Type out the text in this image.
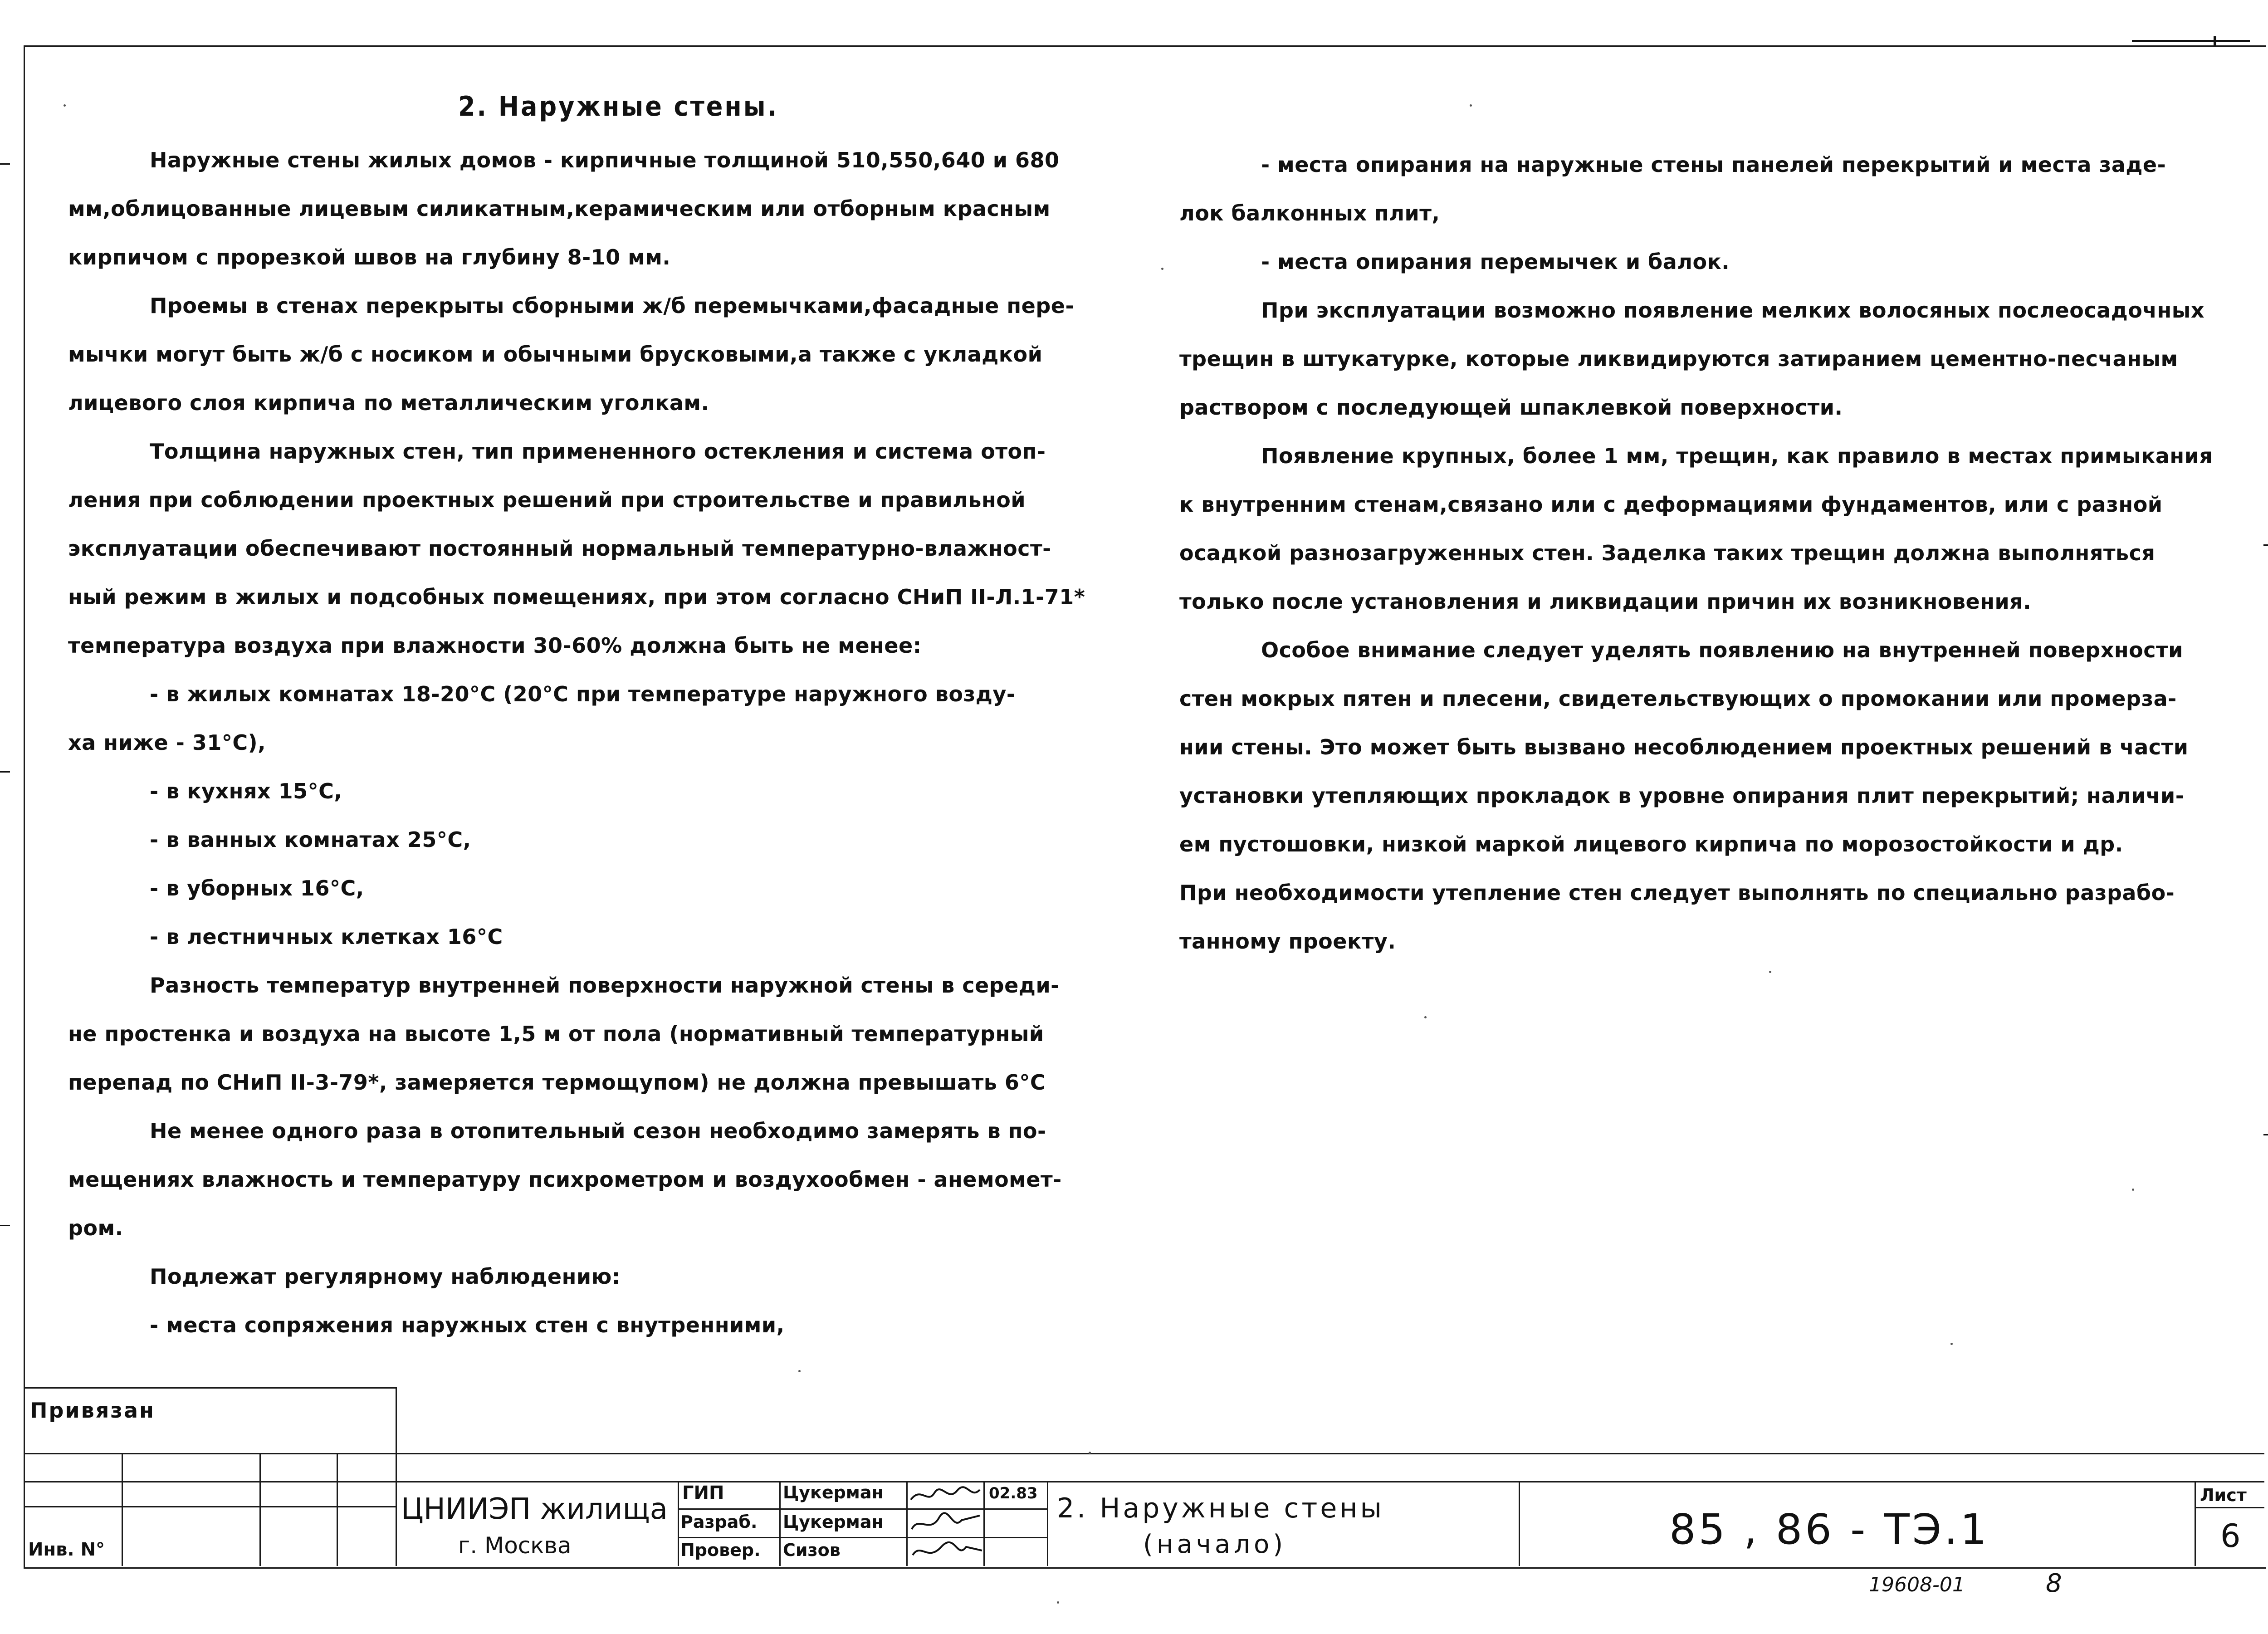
2. Наружные стены.

Наружные стены жилых домов - кирпичные толщиной 510,550,640 и 680

мм,облицованные лицевым силикатным,керамическим или отборным красным

кирпичом с прорезкой швов на глубину 8-10 мм.

Проемы в стенах перекрыты сборными ж/б перемычками,фасадные пере-

мычки могут быть ж/б с носиком и обычными брусковыми,а также с укладкой

лицевого слоя кирпича по металлическим уголкам.

Толщина наружных стен, тип примененного остекления и система отоп-

ления при соблюдении проектных решений при строительстве и правильной

эксплуатации обеспечивают постоянный нормальный температурно-влажност-

ный режим в жилых и подсобных помещениях, при этом согласно СНиП II-Л.1-71*

температура воздуха при влажности 30-60% должна быть не менее:

- в жилых комнатах 18-20°С (20°С при температуре наружного возду-

ха ниже - 31°С),

- в кухнях 15°С,

- в ванных комнатах 25°С,

- в уборных 16°С,

- в лестничных клетках 16°С

Разность температур внутренней поверхности наружной стены в середи-

не простенка и воздуха на высоте 1,5 м от пола (нормативный температурный

перепад по СНиП II-3-79*, замеряется термощупом) не должна превышать 6°С

Не менее одного раза в отопительный сезон необходимо замерять в по-

мещениях влажность и температуру психрометром и воздухообмен - анемомет-

ром.

Подлежат регулярному наблюдению:

- места сопряжения наружных стен с внутренними,

- места опирания на наружные стены панелей перекрытий и места заде-

лок балконных плит,

- места опирания перемычек и балок.

При эксплуатации возможно появление мелких волосяных послеосадочных

трещин в штукатурке, которые ликвидируются затиранием цементно-песчаным

раствором с последующей шпаклевкой поверхности.

Появление крупных, более 1 мм, трещин, как правило в местах примыкания

к внутренним стенам,связано или с деформациями фундаментов, или с разной

осадкой разнозагруженных стен. Заделка таких трещин должна выполняться

только после установления и ликвидации причин их возникновения.

Особое внимание следует уделять появлению на внутренней поверхности

стен мокрых пятен и плесени, свидетельствующих о промокании или промерза-

нии стены. Это может быть вызвано несоблюдением проектных решений в части

установки утепляющих прокладок в уровне опирания плит перекрытий; наличи-

ем пустошовки, низкой маркой лицевого кирпича по морозостойкости и др.

При необходимости утепление стен следует выполнять по специально разрабо-

танному проекту.

Привязан
Инв. N°
ЦНИИЭП жилища
г. Москва
ГИП
Разраб.
Провер.
Цукерман
Цукерман
Сизов
02.83 2. Наружные стены
(начало)	85 , 86 - ТЭ.1
Лист
6
19608-01	8
